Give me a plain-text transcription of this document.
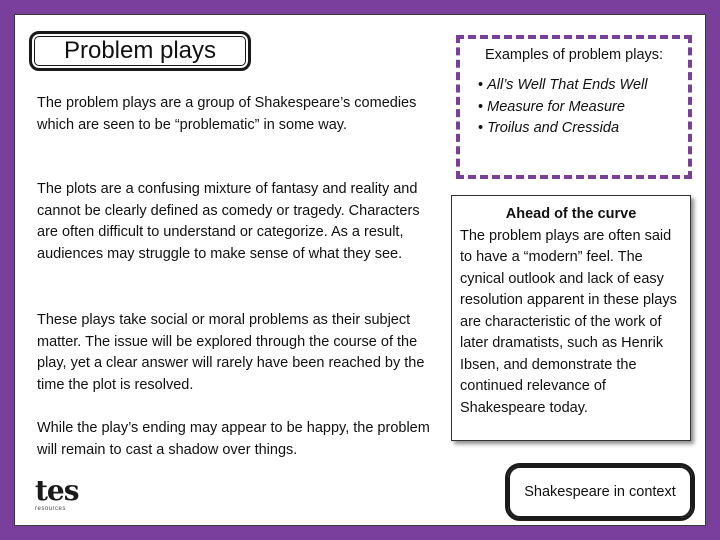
Problem plays
The problem plays are a group of Shakespeare’s comedies which are seen to be “problematic” in some way.
The plots are a confusing mixture of fantasy and reality and cannot be clearly defined as comedy or tragedy. Characters are often difficult to understand or categorize. As a result, audiences may struggle to make sense of what they see.
These plays take social or moral problems as their subject matter. The issue will be explored through the course of the play, yet a clear answer will rarely have been reached by the time the plot is resolved.
While the play’s ending may appear to be happy, the problem will remain to cast a shadow over things.
Examples of problem plays:
• All’s Well That Ends Well
• Measure for Measure
• Troilus and Cressida
Ahead of the curve
The problem plays are often said to have a “modern” feel. The cynical outlook and lack of easy resolution apparent in these plays are characteristic of the work of later dramatists, such as Henrik Ibsen, and demonstrate the continued relevance of Shakespeare today.
Shakespeare in context
tes
resources
